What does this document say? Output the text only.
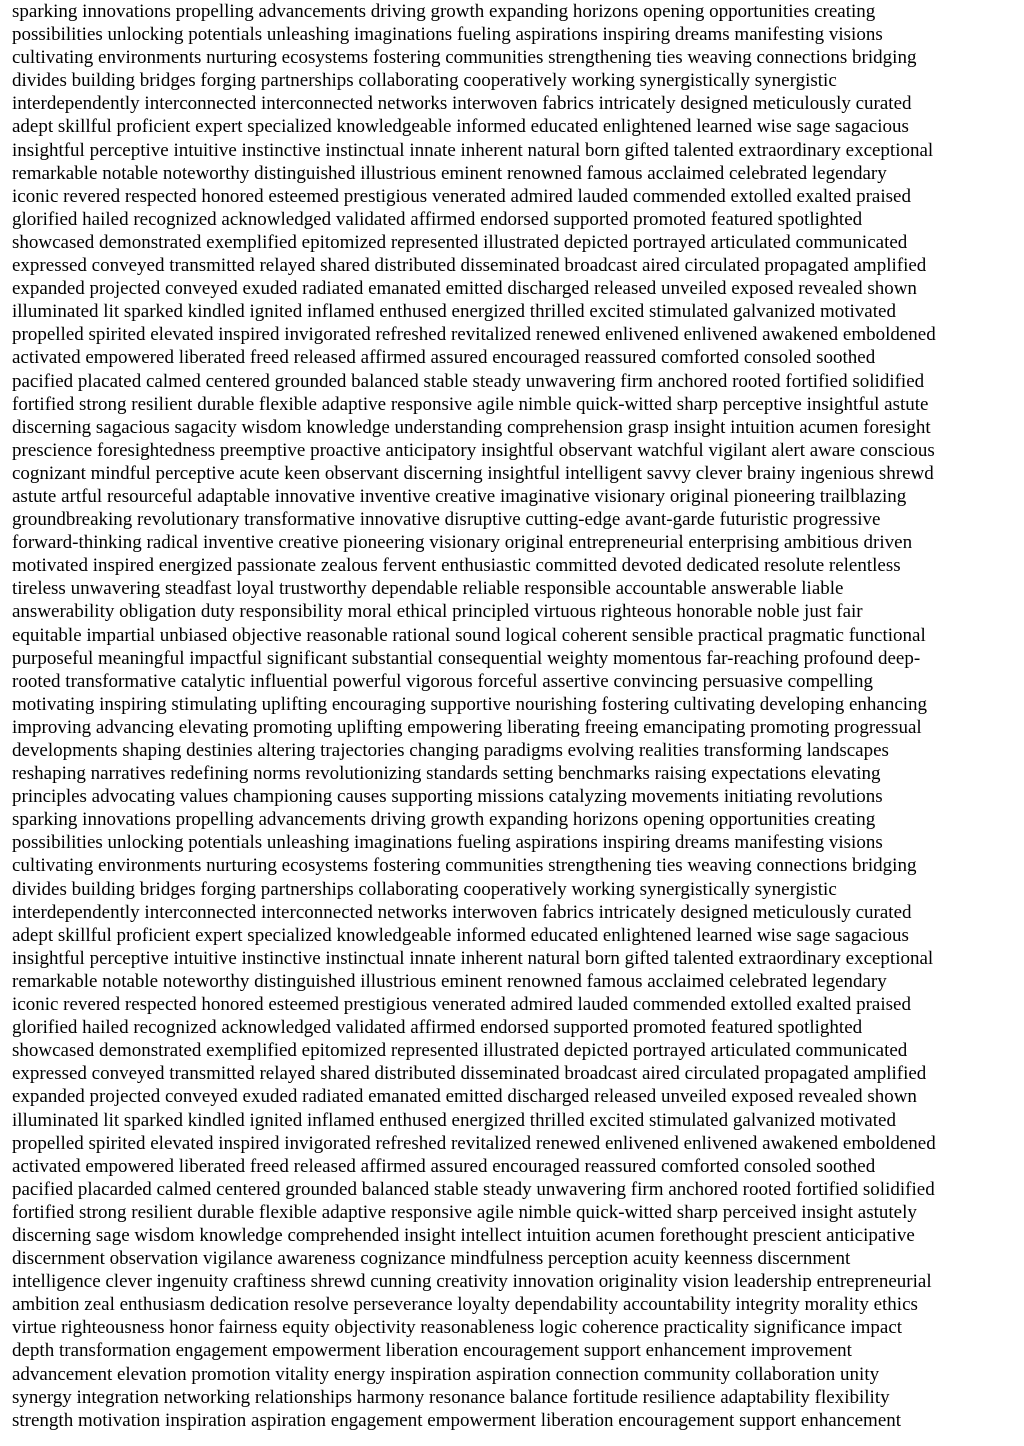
sparking innovations propelling advancements driving growth expanding horizons opening opportunities creating
possibilities unlocking potentials unleashing imaginations fueling aspirations inspiring dreams manifesting visions
cultivating environments nurturing ecosystems fostering communities strengthening ties weaving connections bridging
divides building bridges forging partnerships collaborating cooperatively working synergistically synergistic
interdependently interconnected interconnected networks interwoven fabrics intricately designed meticulously curated
adept skillful proficient expert specialized knowledgeable informed educated enlightened learned wise sage sagacious
insightful perceptive intuitive instinctive instinctual innate inherent natural born gifted talented extraordinary exceptional
remarkable notable noteworthy distinguished illustrious eminent renowned famous acclaimed celebrated legendary
iconic revered respected honored esteemed prestigious venerated admired lauded commended extolled exalted praised
glorified hailed recognized acknowledged validated affirmed endorsed supported promoted featured spotlighted
showcased demonstrated exemplified epitomized represented illustrated depicted portrayed articulated communicated
expressed conveyed transmitted relayed shared distributed disseminated broadcast aired circulated propagated amplified
expanded projected conveyed exuded radiated emanated emitted discharged released unveiled exposed revealed shown
illuminated lit sparked kindled ignited inflamed enthused energized thrilled excited stimulated galvanized motivated
propelled spirited elevated inspired invigorated refreshed revitalized renewed enlivened enlivened awakened emboldened
activated empowered liberated freed released affirmed assured encouraged reassured comforted consoled soothed
pacified placated calmed centered grounded balanced stable steady unwavering firm anchored rooted fortified solidified
fortified strong resilient durable flexible adaptive responsive agile nimble quick-witted sharp perceptive insightful astute
discerning sagacious sagacity wisdom knowledge understanding comprehension grasp insight intuition acumen foresight
prescience foresightedness preemptive proactive anticipatory insightful observant watchful vigilant alert aware conscious
cognizant mindful perceptive acute keen observant discerning insightful intelligent savvy clever brainy ingenious shrewd
astute artful resourceful adaptable innovative inventive creative imaginative visionary original pioneering trailblazing
groundbreaking revolutionary transformative innovative disruptive cutting-edge avant-garde futuristic progressive
forward-thinking radical inventive creative pioneering visionary original entrepreneurial enterprising ambitious driven
motivated inspired energized passionate zealous fervent enthusiastic committed devoted dedicated resolute relentless
tireless unwavering steadfast loyal trustworthy dependable reliable responsible accountable answerable liable
answerability obligation duty responsibility moral ethical principled virtuous righteous honorable noble just fair
equitable impartial unbiased objective reasonable rational sound logical coherent sensible practical pragmatic functional
purposeful meaningful impactful significant substantial consequential weighty momentous far-reaching profound deep-
rooted transformative catalytic influential powerful vigorous forceful assertive convincing persuasive compelling
motivating inspiring stimulating uplifting encouraging supportive nourishing fostering cultivating developing enhancing
improving advancing elevating promoting uplifting empowering liberating freeing emancipating promoting progressual
developments shaping destinies altering trajectories changing paradigms evolving realities transforming landscapes
reshaping narratives redefining norms revolutionizing standards setting benchmarks raising expectations elevating
principles advocating values championing causes supporting missions catalyzing movements initiating revolutions
sparking innovations propelling advancements driving growth expanding horizons opening opportunities creating
possibilities unlocking potentials unleashing imaginations fueling aspirations inspiring dreams manifesting visions
cultivating environments nurturing ecosystems fostering communities strengthening ties weaving connections bridging
divides building bridges forging partnerships collaborating cooperatively working synergistically synergistic
interdependently interconnected interconnected networks interwoven fabrics intricately designed meticulously curated
adept skillful proficient expert specialized knowledgeable informed educated enlightened learned wise sage sagacious
insightful perceptive intuitive instinctive instinctual innate inherent natural born gifted talented extraordinary exceptional
remarkable notable noteworthy distinguished illustrious eminent renowned famous acclaimed celebrated legendary
iconic revered respected honored esteemed prestigious venerated admired lauded commended extolled exalted praised
glorified hailed recognized acknowledged validated affirmed endorsed supported promoted featured spotlighted
showcased demonstrated exemplified epitomized represented illustrated depicted portrayed articulated communicated
expressed conveyed transmitted relayed shared distributed disseminated broadcast aired circulated propagated amplified
expanded projected conveyed exuded radiated emanated emitted discharged released unveiled exposed revealed shown
illuminated lit sparked kindled ignited inflamed enthused energized thrilled excited stimulated galvanized motivated
propelled spirited elevated inspired invigorated refreshed revitalized renewed enlivened enlivened awakened emboldened
activated empowered liberated freed released affirmed assured encouraged reassured comforted consoled soothed
pacified placarded calmed centered grounded balanced stable steady unwavering firm anchored rooted fortified solidified
fortified strong resilient durable flexible adaptive responsive agile nimble quick-witted sharp perceived insight astutely
discerning sage wisdom knowledge comprehended insight intellect intuition acumen forethought prescient anticipative
discernment observation vigilance awareness cognizance mindfulness perception acuity keenness discernment
intelligence clever ingenuity craftiness shrewd cunning creativity innovation originality vision leadership entrepreneurial
ambition zeal enthusiasm dedication resolve perseverance loyalty dependability accountability integrity morality ethics
virtue righteousness honor fairness equity objectivity reasonableness logic coherence practicality significance impact
depth transformation engagement empowerment liberation encouragement support enhancement improvement
advancement elevation promotion vitality energy inspiration aspiration connection community collaboration unity
synergy integration networking relationships harmony resonance balance fortitude resilience adaptability flexibility
strength motivation inspiration aspiration engagement empowerment liberation encouragement support enhancement
